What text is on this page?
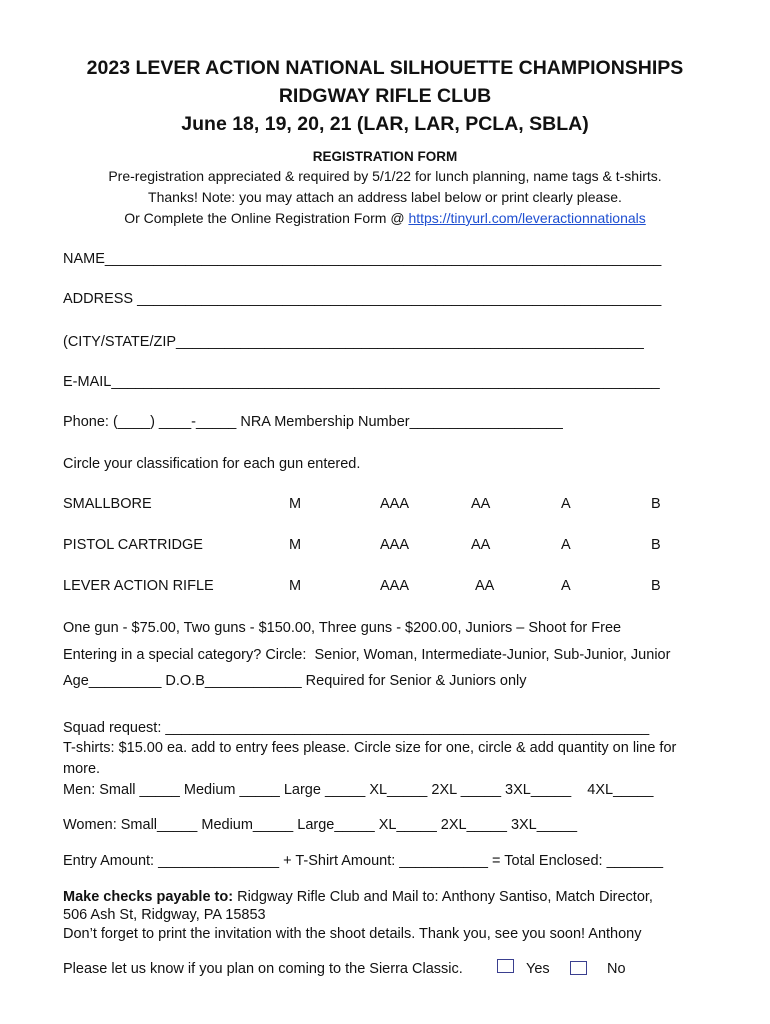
2023 LEVER ACTION NATIONAL SILHOUETTE CHAMPIONSHIPS
RIDGWAY RIFLE CLUB
June 18, 19, 20, 21 (LAR, LAR, PCLA, SBLA)
REGISTRATION FORM
Pre-registration appreciated & required by 5/1/22 for lunch planning, name tags & t-shirts.
Thanks! Note: you may attach an address label below or print clearly please.
Or Complete the Online Registration Form @ https://tinyurl.com/leveractionnationals
NAME_____________________________________________________________________
ADDRESS _________________________________________________________________
(CITY/STATE/ZIP__________________________________________________________
E-MAIL____________________________________________________________________
Phone: (____) ____-_____ NRA Membership Number___________________
Circle your classification for each gun entered.
SMALLBORE	M	AAA	AA	A	B
PISTOL CARTRIDGE	M	AAA	AA	A	B
LEVER ACTION RIFLE	M	AAA	AA	A	B
One gun - $75.00, Two guns - $150.00, Three guns - $200.00, Juniors – Shoot for Free
Entering in a special category? Circle:  Senior, Woman, Intermediate-Junior, Sub-Junior, Junior
Age_________ D.O.B____________ Required for Senior & Juniors only
Squad request: ____________________________________________________________
T-shirts: $15.00 ea. add to entry fees please. Circle size for one, circle & add quantity on line for
more.
Men: Small _____ Medium _____ Large _____ XL_____ 2XL _____ 3XL_____    4XL_____
Women: Small_____ Medium_____ Large_____ XL_____ 2XL_____ 3XL_____
Entry Amount: _______________ + T-Shirt Amount: ___________ = Total Enclosed: _______
Make checks payable to: Ridgway Rifle Club and Mail to: Anthony Santiso, Match Director,
506 Ash St, Ridgway, PA 15853
Don’t forget to print the invitation with the shoot details. Thank you, see you soon! Anthony
Please let us know if you plan on coming to the Sierra Classic.	Yes	No
